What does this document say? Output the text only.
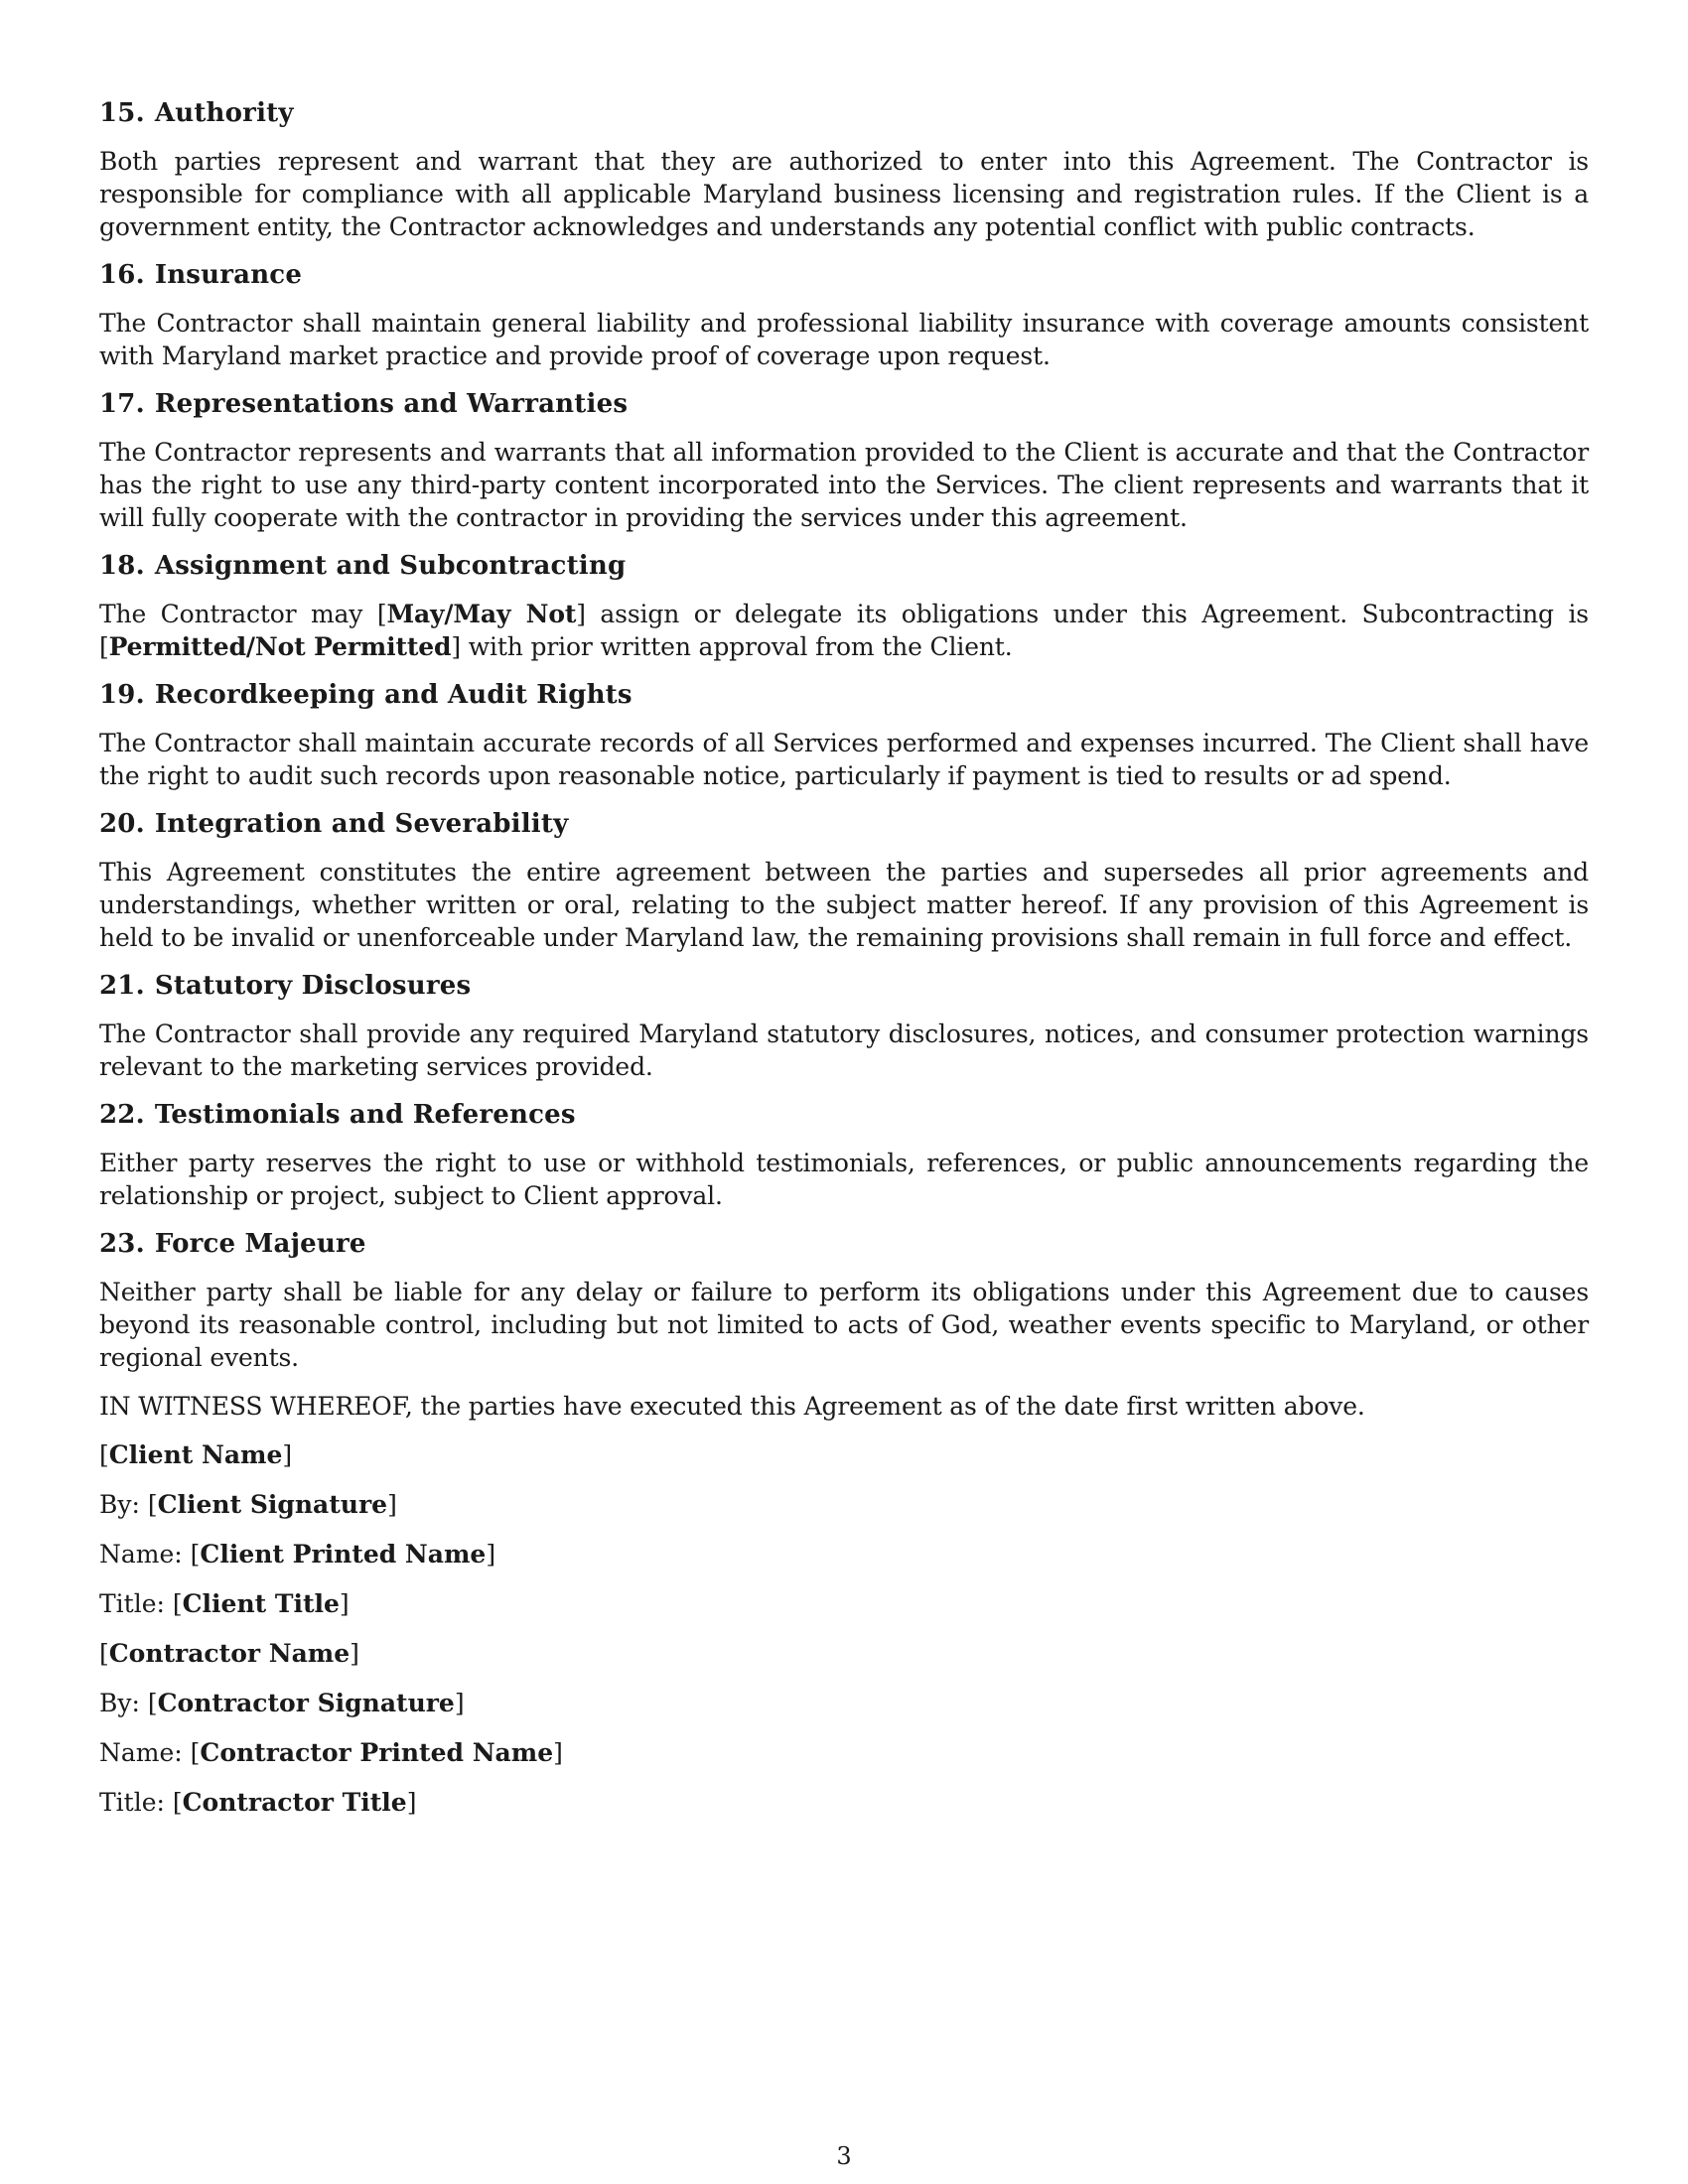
15. Authority

Both parties represent and warrant that they are authorized to enter into this Agreement. The Contractor is responsible for compliance with all applicable Maryland business licensing and registration rules. If the Client is a government entity, the Contractor acknowledges and understands any potential conflict with public contracts.

16. Insurance

The Contractor shall maintain general liability and professional liability insurance with coverage amounts consistent with Maryland market practice and provide proof of coverage upon request.

17. Representations and Warranties

The Contractor represents and warrants that all information provided to the Client is accurate and that the Contractor has the right to use any third-party content incorporated into the Services. The client represents and warrants that it will fully cooperate with the contractor in providing the services under this agreement.

18. Assignment and Subcontracting

The Contractor may [May/May Not] assign or delegate its obligations under this Agreement. Subcontracting is [Permitted/Not Permitted] with prior written approval from the Client.

19. Recordkeeping and Audit Rights

The Contractor shall maintain accurate records of all Services performed and expenses incurred. The Client shall have the right to audit such records upon reasonable notice, particularly if payment is tied to results or ad spend.

20. Integration and Severability

This Agreement constitutes the entire agreement between the parties and supersedes all prior agreements and understandings, whether written or oral, relating to the subject matter hereof. If any provision of this Agreement is held to be invalid or unenforceable under Maryland law, the remaining provisions shall remain in full force and effect.

21. Statutory Disclosures

The Contractor shall provide any required Maryland statutory disclosures, notices, and consumer protection warnings relevant to the marketing services provided.

22. Testimonials and References

Either party reserves the right to use or withhold testimonials, references, or public announcements regarding the relationship or project, subject to Client approval.

23. Force Majeure

Neither party shall be liable for any delay or failure to perform its obligations under this Agreement due to causes beyond its reasonable control, including but not limited to acts of God, weather events specific to Maryland, or other regional events.

IN WITNESS WHEREOF, the parties have executed this Agreement as of the date first written above.

[Client Name]
By: [Client Signature]
Name: [Client Printed Name]
Title: [Client Title]
[Contractor Name]
By: [Contractor Signature]
Name: [Contractor Printed Name]
Title: [Contractor Title]
3
